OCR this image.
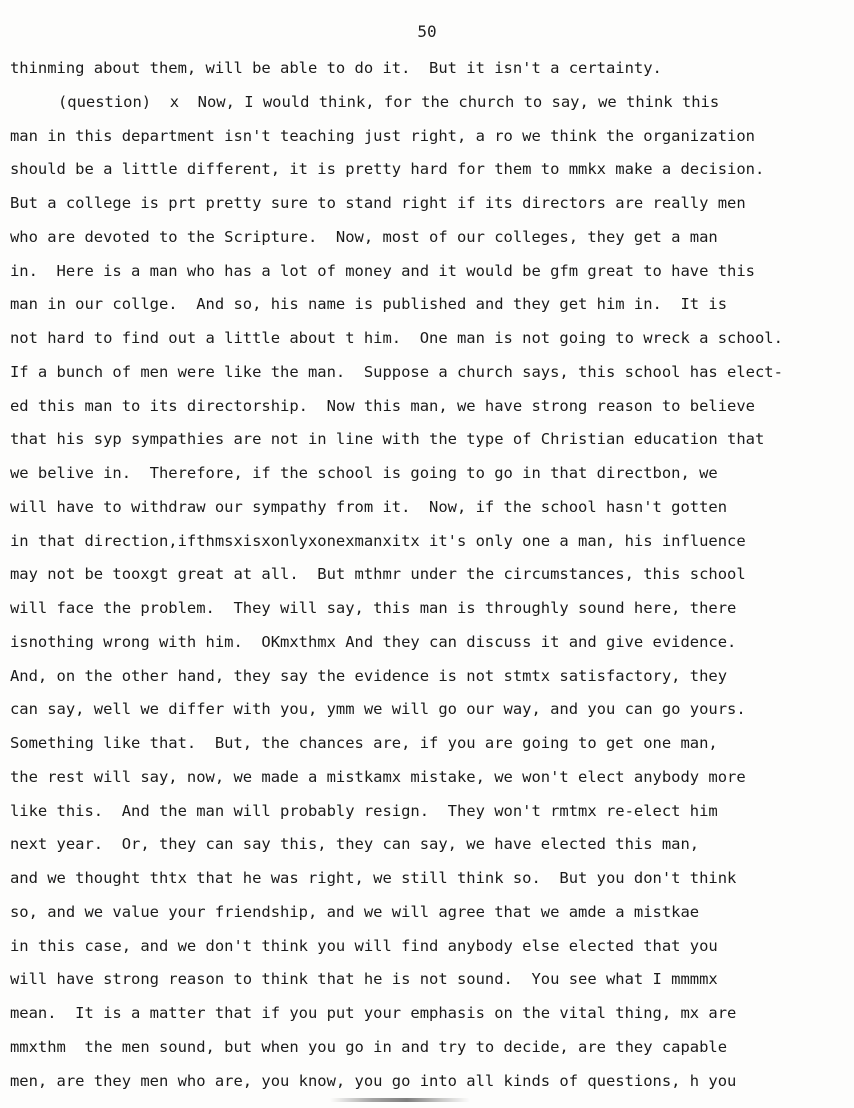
50
thinming about them, will be able to do it.  But it isn't a certainty.
(question)  x  Now, I would think, for the church to say, we think this
man in this department isn't teaching just right, a ro we think the organization
should be a little different, it is pretty hard for them to mmkx make a decision.
But a college is prt pretty sure to stand right if its directors are really men
who are devoted to the Scripture.  Now, most of our colleges, they get a man
in.  Here is a man who has a lot of money and it would be gfm great to have this
man in our collge.  And so, his name is published and they get him in.  It is
not hard to find out a little about t him.  One man is not going to wreck a school.
If a bunch of men were like the man.  Suppose a church says, this school has elect-
ed this man to its directorship.  Now this man, we have strong reason to believe
that his syp sympathies are not in line with the type of Christian education that
we belive in.  Therefore, if the school is going to go in that directbon, we
will have to withdraw our sympathy from it.  Now, if the school hasn't gotten
in that direction,ifthmsxisxonlyxonexmanxitx it's only one a man, his influence
may not be tooxgt great at all.  But mthmr under the circumstances, this school
will face the problem.  They will say, this man is throughly sound here, there
isnothing wrong with him.  OKmxthmx And they can discuss it and give evidence.
And, on the other hand, they say the evidence is not stmtx satisfactory, they
can say, well we differ with you, ymm we will go our way, and you can go yours.
Something like that.  But, the chances are, if you are going to get one man,
the rest will say, now, we made a mistkamx mistake, we won't elect anybody more
like this.  And the man will probably resign.  They won't rmtmx re-elect him
next year.  Or, they can say this, they can say, we have elected this man,
and we thought thtx that he was right, we still think so.  But you don't think
so, and we value your friendship, and we will agree that we amde a mistkae
in this case, and we don't think you will find anybody else elected that you
will have strong reason to think that he is not sound.  You see what I mmmmx
mean.  It is a matter that if you put your emphasis on the vital thing, mx are
mmxthm  the men sound, but when you go in and try to decide, are they capable
men, are they men who are, you know, you go into all kinds of questions, h you
